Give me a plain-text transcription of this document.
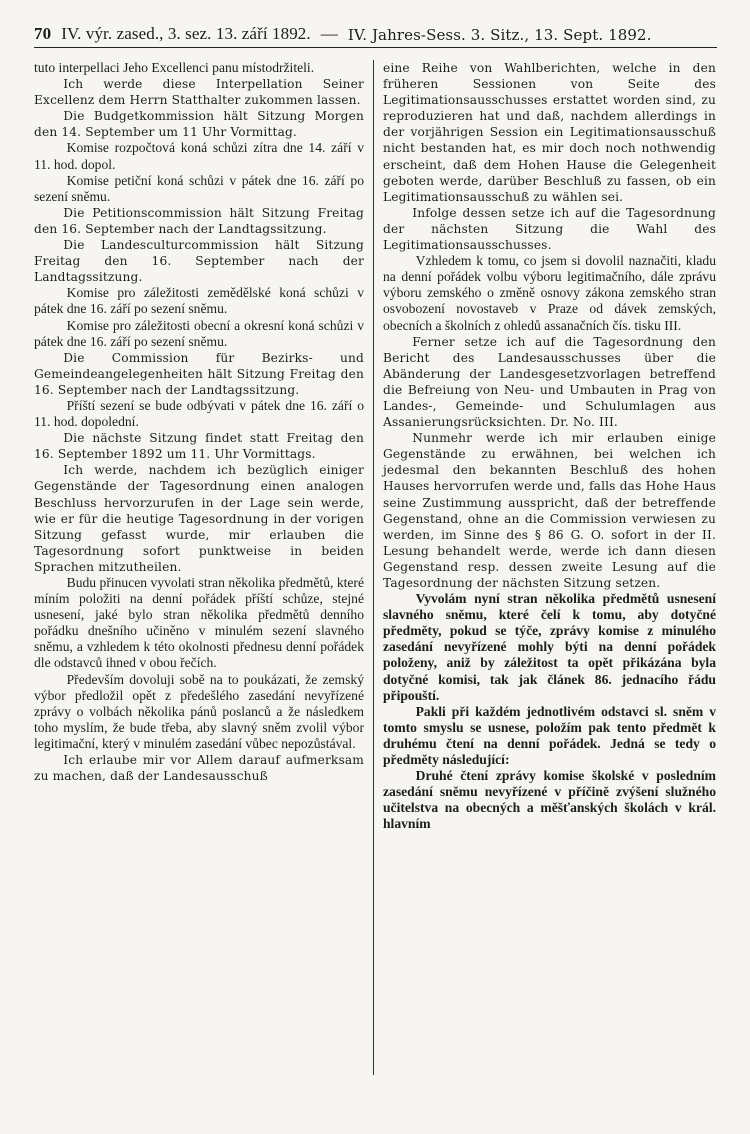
70 IV. výr. zased., 3. sez. 13. září 1892. — IV. Jahres-Sess. 3. Sitz., 13. Sept. 1892.

tuto interpellaci Jeho Excellenci panu místodržiteli.

Ich werde diese Interpellation Seiner Excellenz dem Herrn Statthalter zukommen lassen.

Die Budgetkommission hält Sitzung Morgen den 14. September um 11 Uhr Vormittag.

Komise rozpočtová koná schůzi zítra dne 14. září v 11. hod. dopol.

Komise petiční koná schůzi v pátek dne 16. září po sezení sněmu.

Die Petitionscommission hält Sitzung Freitag den 16. September nach der Landtagssitzung.

Die Landesculturcommission hält Sitzung Freitag den 16. September nach der Landtagssitzung.

Komise pro záležitosti zemědělské koná schůzi v pátek dne 16. září po sezení sněmu.

Komise pro záležitosti obecní a okresní koná schůzi v pátek dne 16. září po sezení sněmu.

Die Commission für Bezirks- und Gemeindeangelegenheiten hält Sitzung Freitag den 16. September nach der Landtagssitzung.

Příští sezení se bude odbývati v pátek dne 16. září o 11. hod. dopolední.

Die nächste Sitzung findet statt Freitag den 16. September 1892 um 11. Uhr Vormittags.

Ich werde, nachdem ich bezüglich einiger Gegenstände der Tagesordnung einen analogen Beschluss hervorzurufen in der Lage sein werde, wie er für die heutige Tagesordnung in der vorigen Sitzung gefasst wurde, mir erlauben die Tagesordnung sofort punktweise in beiden Sprachen mitzutheilen.

Budu přinucen vyvolati stran několika předmětů, které míním položiti na denní pořádek příští schůze, stejné usnesení, jaké bylo stran několika předmětů denního pořádku dnešního učiněno v minulém sezení slavného sněmu, a vzhledem k této okolnosti přednesu denní pořádek dle odstavců ihned v obou řečích.

Především dovoluji sobě na to poukázati, že zemský výbor předložil opět z předešlého zasedání nevyřízené zprávy o volbách několika pánů poslanců a že následkem toho myslím, že bude třeba, aby slavný sněm zvolil výbor legitimační, který v minulém zasedání vůbec nepozůstával.

Ich erlaube mir vor Allem darauf aufmerksam zu machen, daß der Landesausschuß

eine Reihe von Wahlberichten, welche in den früheren Sessionen von Seite des Legitimationsausschusses erstattet worden sind, zu reproduzieren hat und daß, nachdem allerdings in der vorjährigen Session ein Legitimationsausschuß nicht bestanden hat, es mir doch noch nothwendig erscheint, daß dem Hohen Hause die Gelegenheit geboten werde, darüber Beschluß zu fassen, ob ein Legitimationsausschuß zu wählen sei.

Infolge dessen setze ich auf die Tagesordnung der nächsten Sitzung die Wahl des Legitimationsausschusses.

Vzhledem k tomu, co jsem si dovolil naznačiti, kladu na denní pořádek volbu výboru legitimačního, dále zprávu výboru zemského o změně osnovy zákona zemského stran osvobození novostaveb v Praze od dávek zemských, obecních a školních z ohledů assanačních čís. tisku III.

Ferner setze ich auf die Tagesordnung den Bericht des Landesausschusses über die Abänderung der Landesgesetzvorlagen betreffend die Befreiung von Neu- und Umbauten in Prag von Landes-, Gemeinde- und Schulumlagen aus Assanierungsrücksichten. Dr. No. III.

Nunmehr werde ich mir erlauben einige Gegenstände zu erwähnen, bei welchen ich jedesmal den bekannten Beschluß des hohen Hauses hervorrufen werde und, falls das Hohe Haus seine Zustimmung ausspricht, daß der betreffende Gegenstand, ohne an die Commission verwiesen zu werden, im Sinne des § 86 G. O. sofort in der II. Lesung behandelt werde, werde ich dann diesen Gegenstand resp. dessen zweite Lesung auf die Tagesordnung der nächsten Sitzung setzen.

Vyvolám nyní stran několika předmětů usnesení slavného sněmu, které čelí k tomu, aby dotyčné předměty, pokud se týče, zprávy komise z minulého zasedání nevyřízené mohly býti na denní pořádek položeny, aniž by záležitost ta opět přikázána byla dotyčné komisi, tak jak článek 86. jednacího řádu připouští.

Pakli při každém jednotlivém odstavci sl. sněm v tomto smyslu se usnese, položím pak tento předmět k druhému čtení na denní pořádek. Jedná se tedy o předměty následující:

Druhé čtení zprávy komise školské v posledním zasedání sněmu nevyřízené v příčině zvýšení služného učitelstva na obecných a měšťanských školách v král. hlavním
